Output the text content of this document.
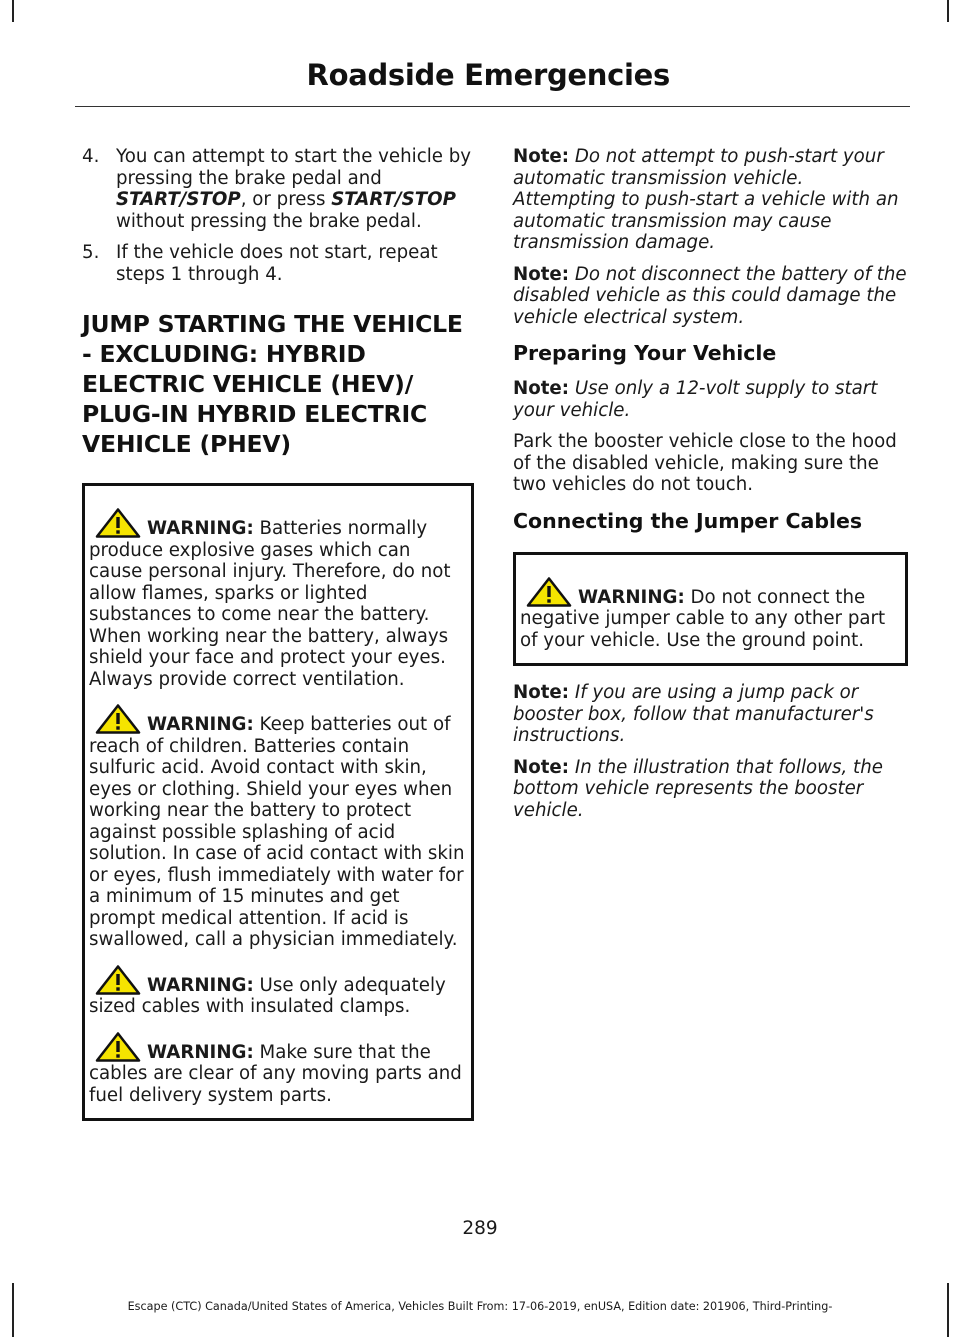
Roadside Emergencies
4. You can attempt to start the vehicle by pressing the brake pedal and START/STOP, or press START/STOP without pressing the brake pedal.
5. If the vehicle does not start, repeat steps 1 through 4.
JUMP STARTING THE VEHICLE - EXCLUDING: HYBRID ELECTRIC VEHICLE (HEV)/ PLUG-IN HYBRID ELECTRIC VEHICLE (PHEV)

WARNING: Batteries normally produce explosive gases which can cause personal injury. Therefore, do not allow flames, sparks or lighted substances to come near the battery. When working near the battery, always shield your face and protect your eyes. Always provide correct ventilation.

WARNING: Keep batteries out of reach of children. Batteries contain sulfuric acid. Avoid contact with skin, eyes or clothing. Shield your eyes when working near the battery to protect against possible splashing of acid solution. In case of acid contact with skin or eyes, flush immediately with water for a minimum of 15 minutes and get prompt medical attention. If acid is swallowed, call a physician immediately.

WARNING: Use only adequately sized cables with insulated clamps.

WARNING: Make sure that the cables are clear of any moving parts and fuel delivery system parts.

Note: Do not attempt to push-start your automatic transmission vehicle. Attempting to push-start a vehicle with an automatic transmission may cause transmission damage.

Note: Do not disconnect the battery of the disabled vehicle as this could damage the vehicle electrical system.

Preparing Your Vehicle

Note: Use only a 12-volt supply to start your vehicle.

Park the booster vehicle close to the hood of the disabled vehicle, making sure the two vehicles do not touch.

Connecting the Jumper Cables

WARNING: Do not connect the negative jumper cable to any other part of your vehicle. Use the ground point.

Note: If you are using a jump pack or booster box, follow that manufacturer's instructions.

Note: In the illustration that follows, the bottom vehicle represents the booster vehicle.

289
Escape (CTC) Canada/United States of America, Vehicles Built From: 17-06-2019, enUSA, Edition date: 201906, Third-Printing-
